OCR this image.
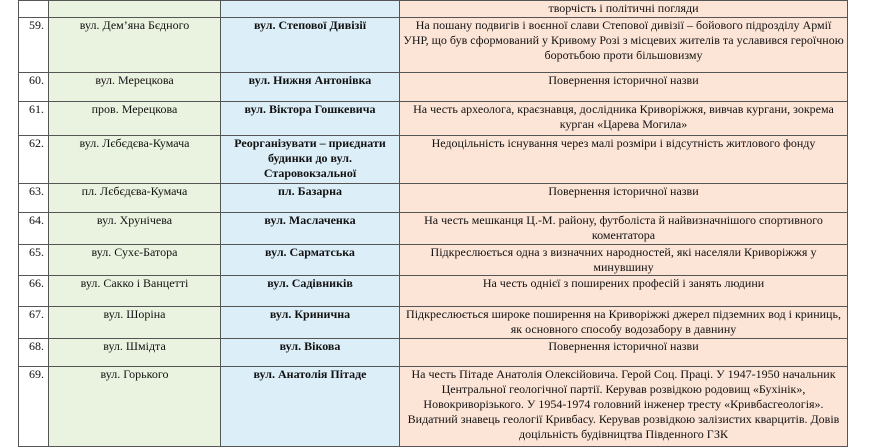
			творчість і політичні погляди
59.	вул. Дем’яна Бєдного	вул. Степової Дивізії	На пошану подвигів і воєнної слави Степової дивізії – бойового підрозділу Армії УНР, що був сформований у Кривому Розі з місцевих жителів та уславився героїчною боротьбою проти більшовизму
60.	вул. Мерецкова	вул. Нижня Антонівка	Повернення історичної назви
61.	пров. Мерецкова	вул. Віктора Гошкевича	На честь археолога, краєзнавця, дослідника Криворіжжя, вивчав кургани, зокрема курган «Царева Могила»
62.	вул. Лєбєдєва-Кумача	Реорганізувати – приєднати будинки до вул. Старовокзальної	Недоцільність існування через малі розміри і відсутність житлового фонду
63.	пл. Лєбєдєва-Кумача	пл. Базарна	Повернення історичної назви
64.	вул. Хрунічева	вул. Маслаченка	На честь мешканця Ц.-М. району, футболіста й найвизначнішого спортивного коментатора
65.	вул. Сухє-Батора	вул. Сарматська	Підкреслюється одна з визначних народностей, які населяли Криворіжжя у минувшину
66.	вул. Сакко і Ванцетті	вул. Садівників	На честь однієї з поширених професій і занять людини
67.	вул. Шоріна	вул. Кринична	Підкреслюється широке поширення на Криворіжжі джерел підземних вод і криниць, як основного способу водозабору в давнину
68.	вул. Шмідта	вул. Вікова	Повернення історичної назви
69.	вул. Горького	вул. Анатолія Пітаде	На честь Пітаде Анатолія Олексійовича. Герой Соц. Праці. У 1947-1950 начальник Центральної геологічної партії. Керував розвідкою родовищ «Бухінік», Новокриворізького. У 1954-1974 головний інженер тресту «Кривбасгеологія». Видатний знавець геології Кривбасу. Керував розвідкою залізистих кварцитів. Довів доцільність будівництва Південного ГЗК
